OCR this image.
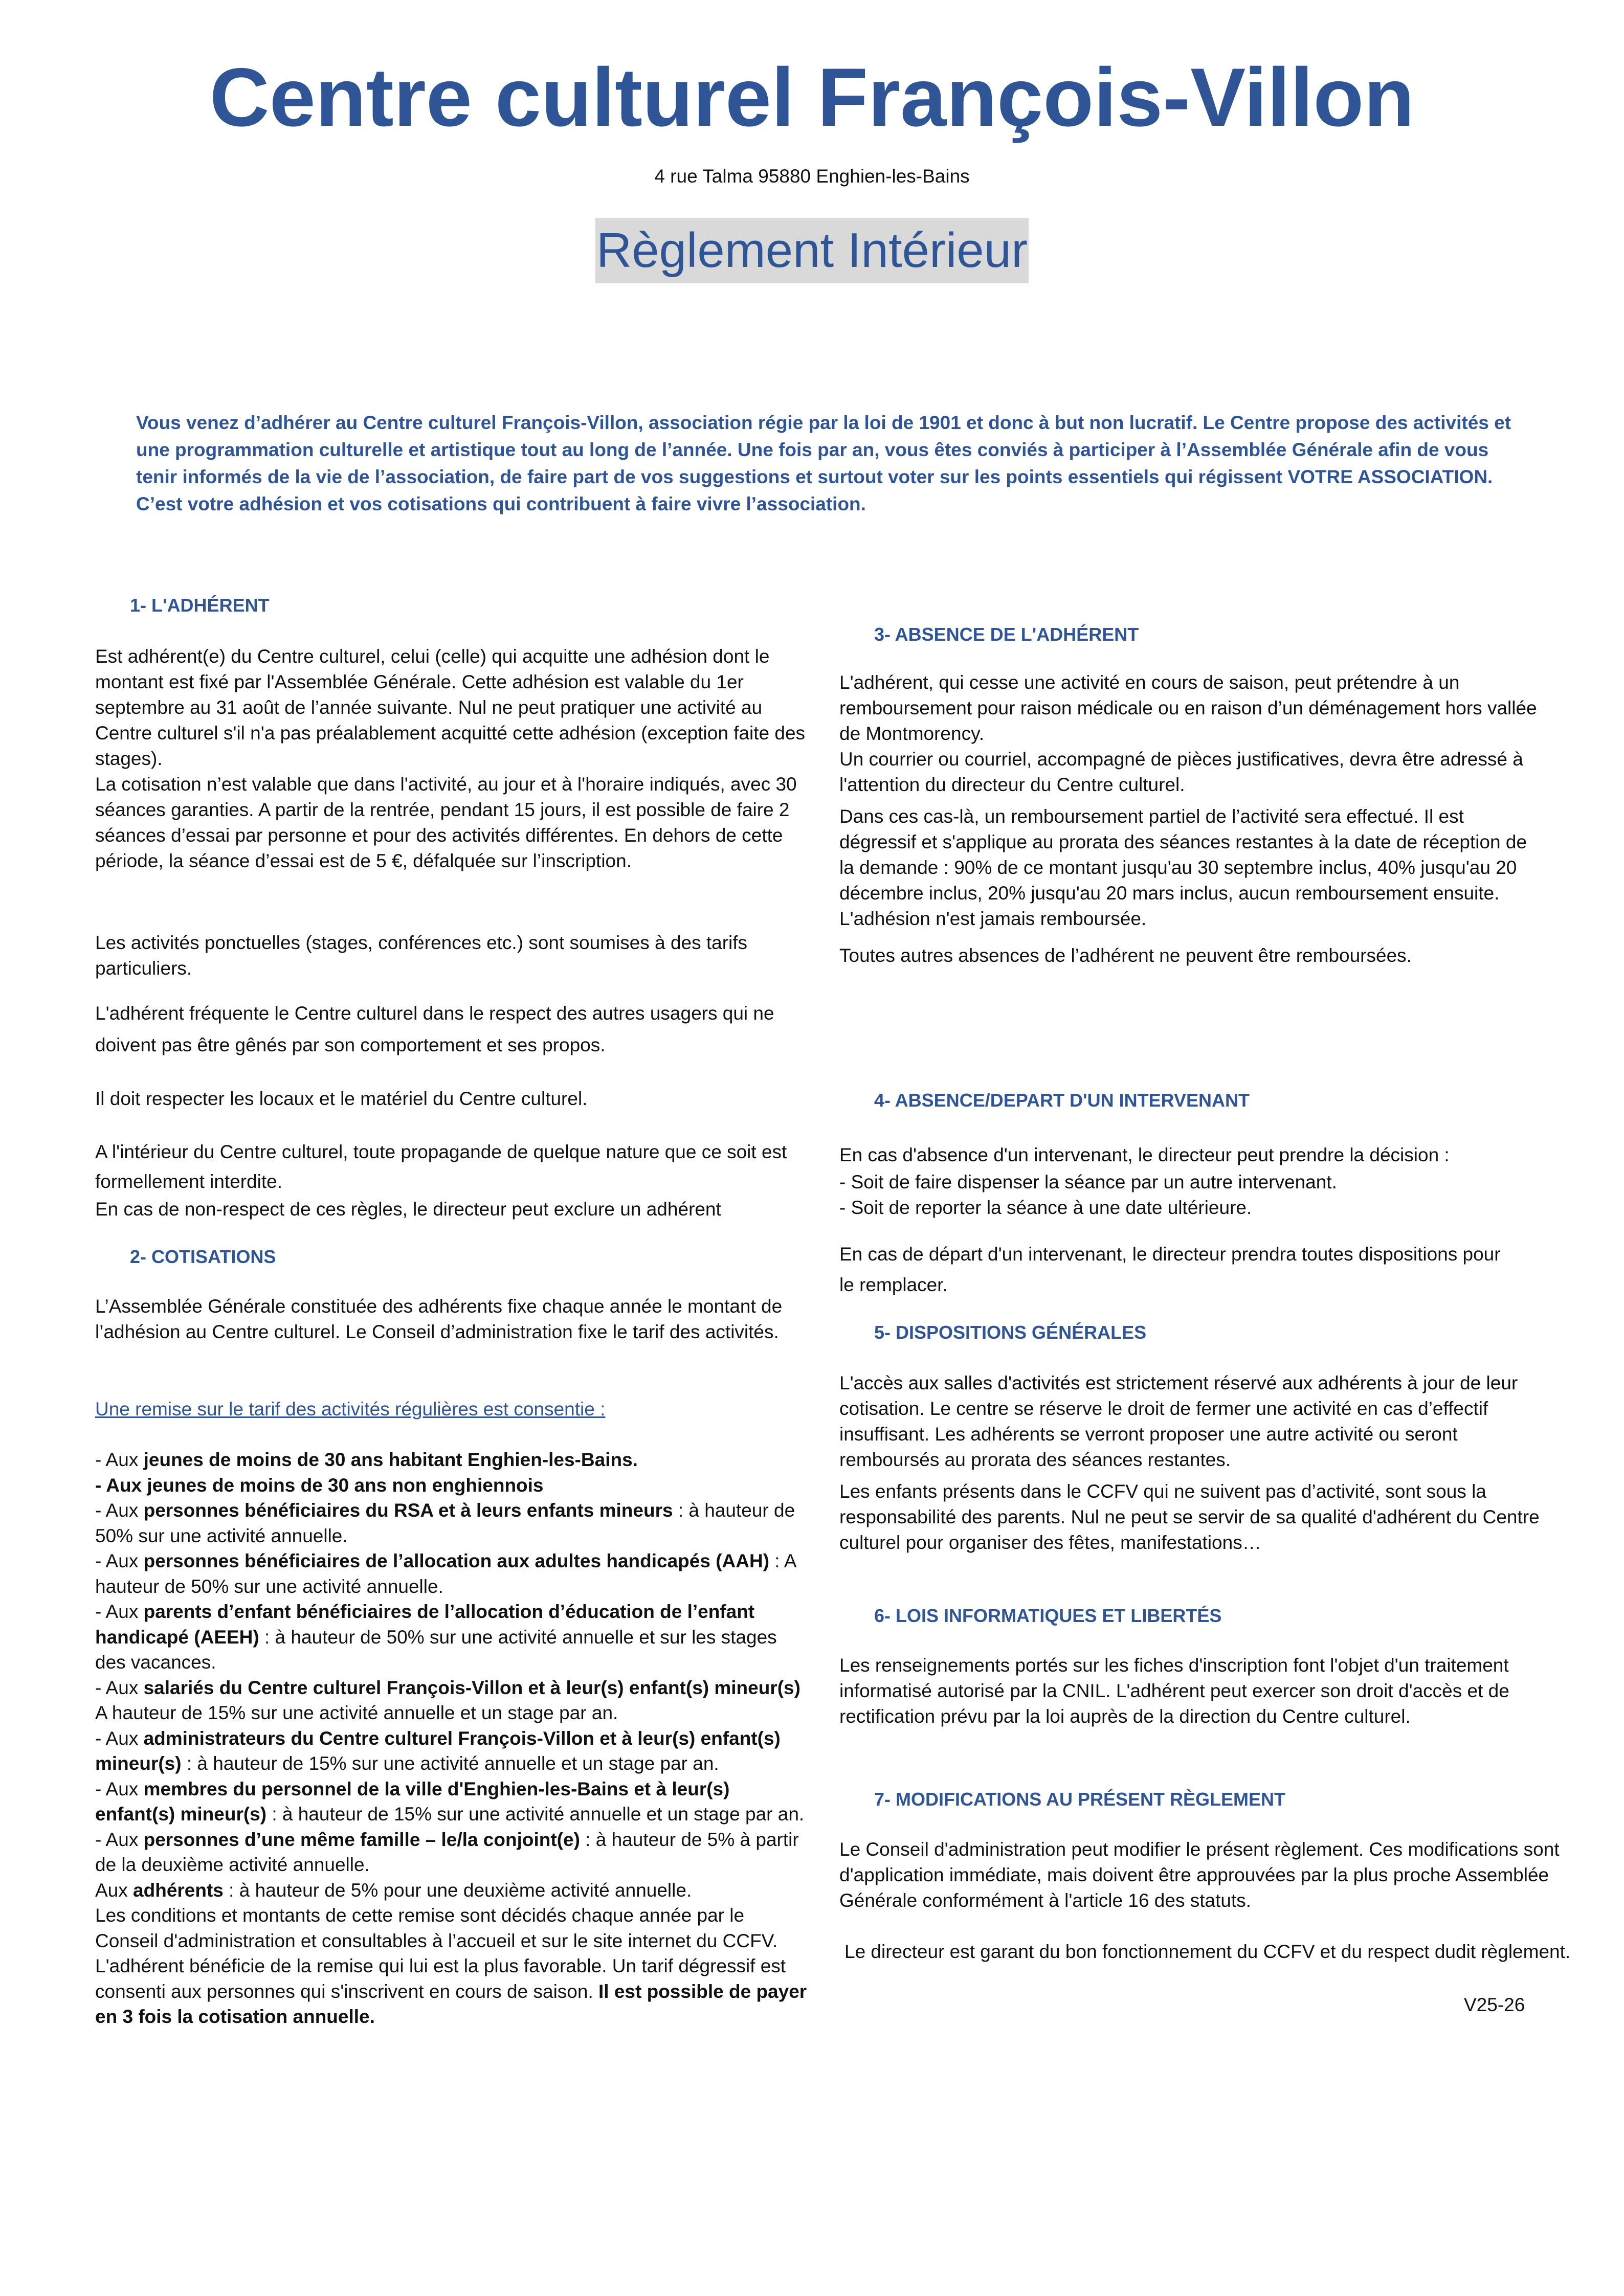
Centre culturel François-Villon
4 rue Talma 95880 Enghien-les-Bains
Règlement Intérieur

Vous venez d’adhérer au Centre culturel François-Villon, association régie par la loi de 1901 et donc à but non lucratif. Le Centre propose des activités et

une programmation culturelle et artistique tout au long de l’année. Une fois par an, vous êtes conviés à participer à l’Assemblée Générale afin de vous

tenir informés de la vie de l’association, de faire part de vos suggestions et surtout voter sur les points essentiels qui régissent VOTRE ASSOCIATION.

C’est votre adhésion et vos cotisations qui contribuent à faire vivre l’association.

1- L'ADHÉRENT

Est adhérent(e) du Centre culturel, celui (celle) qui acquitte une adhésion dont le montant est fixé par l'Assemblée Générale. Cette adhésion est valable du 1er septembre au 31 août de l’année suivante. Nul ne peut pratiquer une activité au Centre culturel s'il n'a pas préalablement acquitté cette adhésion (exception faite des stages).

La cotisation n’est valable que dans l'activité, au jour et à l'horaire indiqués, avec 30 séances garanties. A partir de la rentrée, pendant 15 jours, il est possible de faire 2 séances d’essai par personne et pour des activités différentes. En dehors de cette période, la séance d’essai est de 5 €, défalquée sur l’inscription.

Les activités ponctuelles (stages, conférences etc.) sont soumises à des tarifs particuliers.

L'adhérent fréquente le Centre culturel dans le respect des autres usagers qui ne doivent pas être gênés par son comportement et ses propos.

Il doit respecter les locaux et le matériel du Centre culturel.

A l'intérieur du Centre culturel, toute propagande de quelque nature que ce soit est formellement interdite.

En cas de non-respect de ces règles, le directeur peut exclure un adhérent

2- COTISATIONS

L’Assemblée Générale constituée des adhérents fixe chaque année le montant de l’adhésion au Centre culturel. Le Conseil d’administration fixe le tarif des activités.

Une remise sur le tarif des activités régulières est consentie :

- Aux jeunes de moins de 30 ans habitant Enghien-les-Bains.

- Aux jeunes de moins de 30 ans non enghiennois

- Aux personnes bénéficiaires du RSA et à leurs enfants mineurs : à hauteur de 50% sur une activité annuelle.

- Aux personnes bénéficiaires de l’allocation aux adultes handicapés (AAH) : A hauteur de 50% sur une activité annuelle.

- Aux parents d’enfant bénéficiaires de l’allocation d’éducation de l’enfant handicapé (AEEH) : à hauteur de 50% sur une activité annuelle et sur les stages des vacances.

- Aux salariés du Centre culturel François-Villon et à leur(s) enfant(s) mineur(s) A hauteur de 15% sur une activité annuelle et un stage par an.

- Aux administrateurs du Centre culturel François-Villon et à leur(s) enfant(s) mineur(s) : à hauteur de 15% sur une activité annuelle et un stage par an.

- Aux membres du personnel de la ville d'Enghien-les-Bains et à leur(s) enfant(s) mineur(s) : à hauteur de 15% sur une activité annuelle et un stage par an.

- Aux personnes d’une même famille – le/la conjoint(e) : à hauteur de 5% à partir de la deuxième activité annuelle.

Aux adhérents : à hauteur de 5% pour une deuxième activité annuelle.

Les conditions et montants de cette remise sont décidés chaque année par le Conseil d'administration et consultables à l’accueil et sur le site internet du CCFV.

L'adhérent bénéficie de la remise qui lui est la plus favorable. Un tarif dégressif est consenti aux personnes qui s'inscrivent en cours de saison. Il est possible de payer en 3 fois la cotisation annuelle.

3- ABSENCE DE L'ADHÉRENT

L'adhérent, qui cesse une activité en cours de saison, peut prétendre à un remboursement pour raison médicale ou en raison d’un déménagement hors vallée de Montmorency.

Un courrier ou courriel, accompagné de pièces justificatives, devra être adressé à l'attention du directeur du Centre culturel.

Dans ces cas-là, un remboursement partiel de l’activité sera effectué. Il est dégressif et s'applique au prorata des séances restantes à la date de réception de la demande : 90% de ce montant jusqu'au 30 septembre inclus, 40% jusqu'au 20 décembre inclus, 20% jusqu'au 20 mars inclus, aucun remboursement ensuite. L'adhésion n'est jamais remboursée.

Toutes autres absences de l’adhérent ne peuvent être remboursées.

4- ABSENCE/DEPART D'UN INTERVENANT

En cas d'absence d'un intervenant, le directeur peut prendre la décision :

- Soit de faire dispenser la séance par un autre intervenant.

- Soit de reporter la séance à une date ultérieure.

En cas de départ d'un intervenant, le directeur prendra toutes dispositions pour le remplacer.

5- DISPOSITIONS GÉNÉRALES

L'accès aux salles d'activités est strictement réservé aux adhérents à jour de leur cotisation. Le centre se réserve le droit de fermer une activité en cas d’effectif insuffisant. Les adhérents se verront proposer une autre activité ou seront remboursés au prorata des séances restantes.

Les enfants présents dans le CCFV qui ne suivent pas d’activité, sont sous la responsabilité des parents. Nul ne peut se servir de sa qualité d'adhérent du Centre culturel pour organiser des fêtes, manifestations…

6- LOIS INFORMATIQUES ET LIBERTÉS

Les renseignements portés sur les fiches d'inscription font l'objet d'un traitement informatisé autorisé par la CNIL. L'adhérent peut exercer son droit d'accès et de rectification prévu par la loi auprès de la direction du Centre culturel.

7- MODIFICATIONS AU PRÉSENT RÈGLEMENT

Le Conseil d'administration peut modifier le présent règlement. Ces modifications sont d'application immédiate, mais doivent être approuvées par la plus proche Assemblée Générale conformément à l'article 16 des statuts.

Le directeur est garant du bon fonctionnement du CCFV et du respect dudit règlement.

V25-26
